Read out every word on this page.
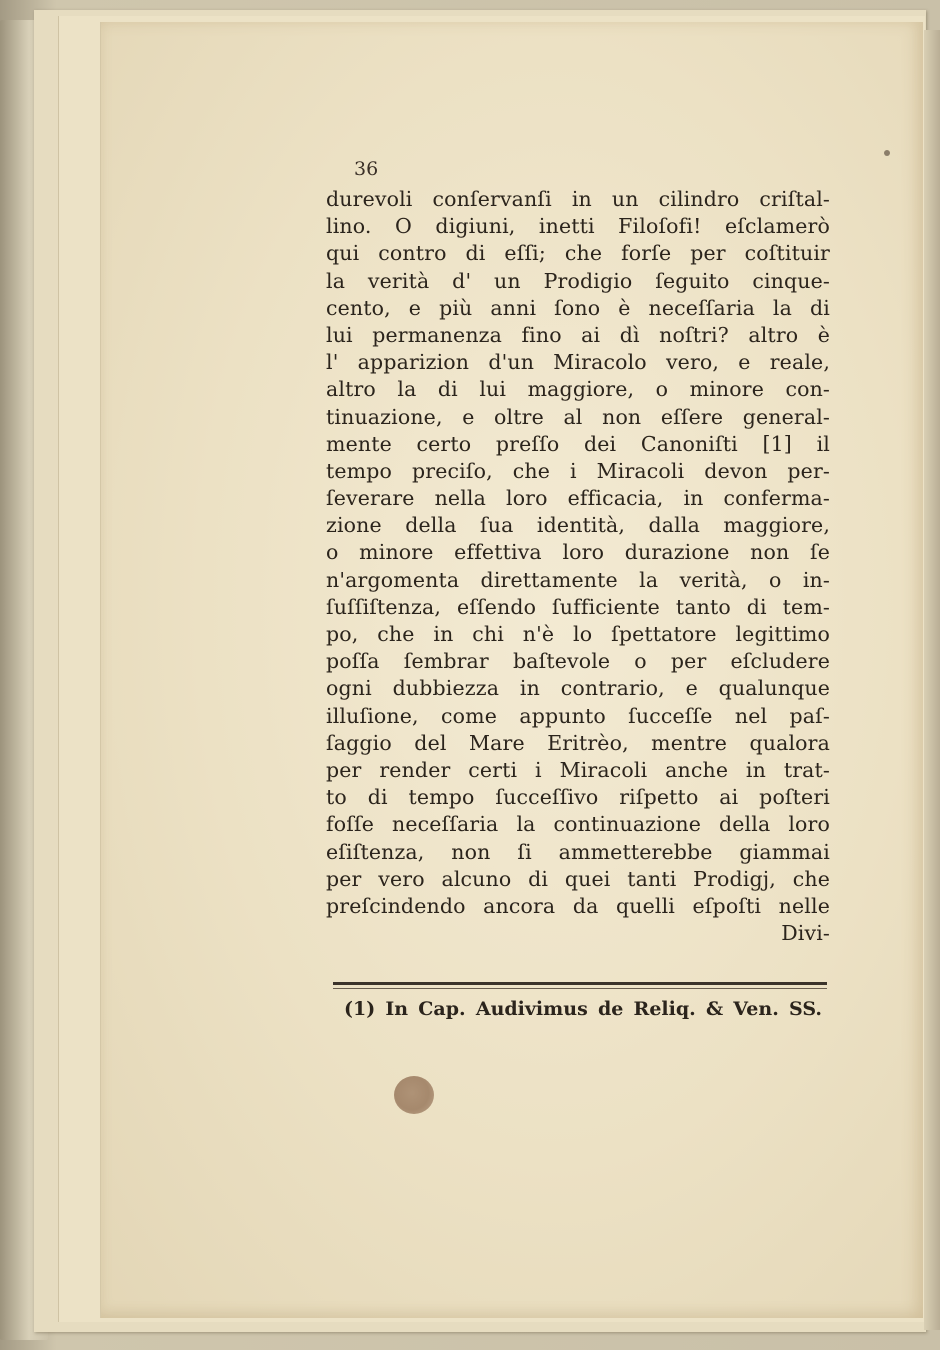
36
durevoli conſervanſi in un cilindro criſtal-
lino. O digiuni, inetti Filoſofi! eſclamerò
qui contro di eſſi; che forſe per coſtituir
la verità d' un Prodigio ſeguito cinque-
cento, e più anni ſono è neceſſaria la di
lui permanenza fino ai dì noſtri? altro è
l' apparizion d'un Miracolo vero, e reale,
altro la di lui maggiore, o minore con-
tinuazione, e oltre al non eſſere general-
mente certo preſſo dei Canoniſti [1] il
tempo preciſo, che i Miracoli devon per-
ſeverare nella loro efficacia, in conferma-
zione della ſua identità, dalla maggiore,
o minore effettiva loro durazione non ſe
n'argomenta direttamente la verità, o in-
ſuſſiſtenza, eſſendo ſufficiente tanto di tem-
po, che in chi n'è lo ſpettatore legittimo
poſſa ſembrar baſtevole o per eſcludere
ogni dubbiezza in contrario, e qualunque
illuſione, come appunto ſucceſſe nel paſ-
ſaggio del Mare Eritrèo, mentre qualora
per render certi i Miracoli anche in trat-
to di tempo ſucceſſivo riſpetto ai poſteri
foſſe neceſſaria la continuazione della loro
eſiſtenza, non ſi ammetterebbe giammai
per vero alcuno di quei tanti Prodigj, che
preſcindendo ancora da quelli eſpoſti nelle
Divi-
(1) In Cap. Audivimus de Reliq. & Ven. SS.
